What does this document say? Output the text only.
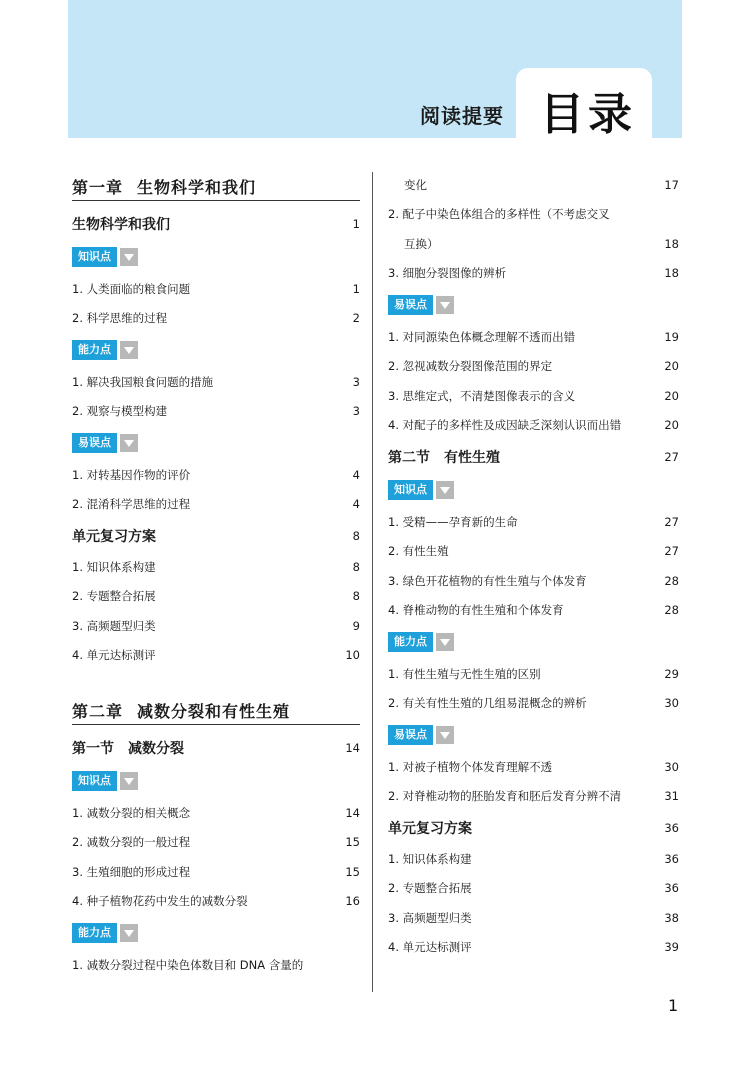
阅读提要 目录
第一章 生物科学和我们
生物科学和我们	1
知识点
1. 人类面临的粮食问题	1
2. 科学思维的过程	2
能力点
1. 解决我国粮食问题的措施	3
2. 观察与模型构建	3
易误点
1. 对转基因作物的评价	4
2. 混淆科学思维的过程	4
单元复习方案	8
1. 知识体系构建	8
2. 专题整合拓展	8
3. 高频题型归类	9
4. 单元达标测评	10
第二章 减数分裂和有性生殖
第一节 减数分裂	14
知识点
1. 减数分裂的相关概念	14
2. 减数分裂的一般过程	15
3. 生殖细胞的形成过程	15
4. 种子植物花药中发生的减数分裂	16
能力点
1. 减数分裂过程中染色体数目和 DNA 含量的
变化	17
2. 配子中染色体组合的多样性（不考虑交叉
互换）	18
3. 细胞分裂图像的辨析	18
易误点
1. 对同源染色体概念理解不透而出错	19
2. 忽视减数分裂图像范围的界定	20
3. 思维定式，不清楚图像表示的含义	20
4. 对配子的多样性及成因缺乏深刻认识而出错	20
第二节 有性生殖	27
知识点
1. 受精——孕育新的生命	27
2. 有性生殖	27
3. 绿色开花植物的有性生殖与个体发育	28
4. 脊椎动物的有性生殖和个体发育	28
能力点
1. 有性生殖与无性生殖的区别	29
2. 有关有性生殖的几组易混概念的辨析	30
易误点
1. 对被子植物个体发育理解不透	30
2. 对脊椎动物的胚胎发育和胚后发育分辨不清	31
单元复习方案	36
1. 知识体系构建	36
2. 专题整合拓展	36
3. 高频题型归类	38
4. 单元达标测评	39
1
